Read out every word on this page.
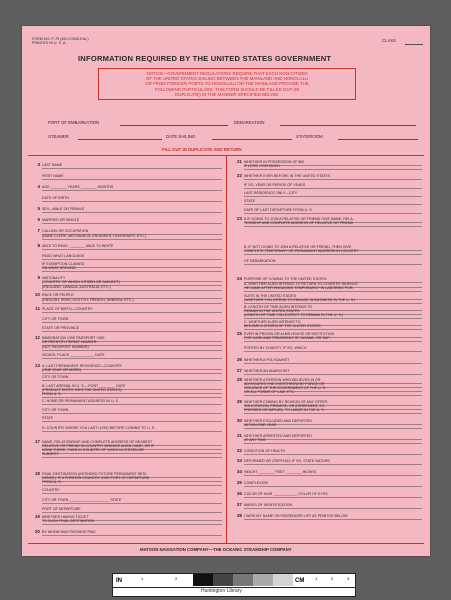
FORM NO. P-79 (4M-1/1942-E&L)
PRINTED IN U. S. A.	CLASS
INFORMATION REQUIRED BY THE UNITED STATES GOVERNMENT
NOTICE—GOVERNMENT REGULATIONS REQUIRE THAT EACH NON-CITIZEN
OF THE UNITED STATES SAILING BETWEEN THE MAINLAND AND HONOLULU
OR FROM FOREIGN PORTS TO HONOLULU OR THE MAINLAND PROVIDE THE
FOLLOWING PARTICULARS. THIS FORM SHOULD BE FILLED OUT (IN
DUPLICATE) IN THE MANNER SPECIFIED BELOW.
PORT OF EMBARKATION	DEBARKATION
STEAMER	DATE SAILING	STATEROOM
FILL OUT IN DUPLICATE AND RETURN
3 LAST NAME
FIRST NAME
4 AGE ________ YEARS ________ MONTHS
DATE OF BIRTH
5 SEX—MALE OR FEMALE
6 MARRIED OR SINGLE
7 CALLING OR OCCUPATION
(BANK CLERK, MECHANICAL ENGINEER, HOUSEWIFE, ETC.)
8 ABLE TO READ ________ ABLE TO WRITE
READ WHAT LANGUAGE
IF EXEMPTION CLAIMED
ON WHAT GROUND
9 NATIONALITY
(COUNTRY OF WHICH CITIZEN OR SUBJECT)
(ENGLAND, CANADA, AUSTRALIA, ETC.)
10 RACE OR PEOPLE
(ENGLISH, IRISH, SCOTCH, FRENCH, HEBREW, ETC.)
11 PLACE OF BIRTH—COUNTRY
CITY OR TOWN
STATE OR PROVINCE
12 IMMIGRATION VISE PASSPORT VISE
OR REENTRY PERMIT NUMBER
(NOT PASSPORT NUMBER)
ISSUED, PLACE ____________ DATE
13 A. LAST PERMANENT RESIDENCE—COUNTRY
(ONE YEAR OR MORE)
CITY OR TOWN
B. LAST ARRIVAL IN U. S.—PORT ________ DATE
(PRODUCT ENTRY INTO THE UNITED STATES)
FROM U. S.
C. HOME OR PERMANENT ADDRESS IN U. S.
CITY OR TOWN
STATE
D. COUNTRY WHERE YOU LAST LIVED BEFORE COMING TO U. S.
17 NAME, RELATIONSHIP, AND COMPLETE ADDRESS OF NEAREST
RELATIVE OR FRIEND IN COUNTRY WHENCE ALIEN CAME, OR IF
NONE THERE, THEN IN COUNTRY OF WHICH A CITIZEN OR
SUBJECT.
18 FINAL DESTINATION (INTENDED FUTURE PERMANENT RESI-
DENCE). IF A FOREIGN COUNTRY GIVE PORT OF DEPARTURE
FROM U. S.
COUNTRY
CITY OR TOWN ____________________ STATE
PORT OF DEPARTURE
19 WHETHER HAVING TICKET
TO SUCH FINAL DESTINATION
20 BY WHOM WAS PASSAGE PAID
21 WHETHER IN POSSESSION OF $50
IF LESS, HOW MUCH
22 WHETHER EVER BEFORE IN THE UNITED STATES
IF SO, YEAR OR PERIOD OF YEARS
LAST RESIDENCE ONLY—CITY
STATE
DATE OF LAST DEPARTURE FROM U. S.
23 A IF GOING TO JOIN A RELATIVE OR FRIEND GIVE NAME, RELA-
TIONSHIP AND COMPLETE ADDRESS OF RELATIVE OR FRIEND
B. IF NOT GOING TO JOIN A RELATIVE OR FRIEND, THEN GIVE
COMPLETE TEMPORARY OR PERMANENT ADDRESS IN COUNTRY
OF DEBARKATION
24 PURPOSE OF COMING TO THE UNITED STATES:
A. WHETHER ALIEN INTENDS TO RETURN TO COUNTRY WHENCE
HE CAME AFTER ENGAGING TEMPORARILY IN LABORING PUR-
SUITS IN THE UNITED STATES
(WHETHER YOU INTEND TO ENGAGE IN BUSINESS IN THE U. S.)
B. LENGTH OF TIME ALIEN INTENDS TO
REMAIN IN THE UNITED STATES
(LENGTH OF TIME YOU EXPECT TO REMAIN IN THE U. S.)
C. WHETHER ALIEN INTENDS TO
BECOME A CITIZEN OF THE UNITED STATES
25 EVER IN PRISON OR ALMS-HOUSE OR INSTITUTION
FOR CARE AND TREATMENT OF INSANE, OR SUP-
PORTED BY CHARITY. IF SO, WHICH
26 WHETHER A POLYGAMIST
27 WHETHER AN ANARCHIST
28 WHETHER A PERSON WHO BELIEVES IN OR
ADVOCATES THE OVERTHROW BY FORCE OR
VIOLENCE OF THE GOVERNMENT OF THE U. S.
OR ALL FORMS OF LAW, ETC.
29 WHETHER COMING BY REASON OF ANY OFFER,
SOLICITATION, PROMISE, OR AGREEMENT, EX-
PRESSED OR IMPLIED, TO LABOR IN THE U. S.
30 WHETHER EXCLUDED AND DEPORTED
WITHIN ONE YEAR
31 WHETHER ARRESTED AND DEPORTED
AT ANY TIME
32 CONDITION OF HEALTH
33 DEFORMED OR CRIPPLED; IF SO, STATE NATURE
34 HEIGHT ________ FEET ________ INCHES
35 COMPLEXION
36 COLOR OF HAIR ____________ COLOR OF EYES
37 MARKS OF IDENTIFICATION
38 I WISH MY NAME ON PASSENGER LIST AS PRINTED BELOW:
MATSON NAVIGATION COMPANY—THE OCEANIC STEAMSHIP COMPANY
IN	1	2	CM	1	2	3
Huntington Library
